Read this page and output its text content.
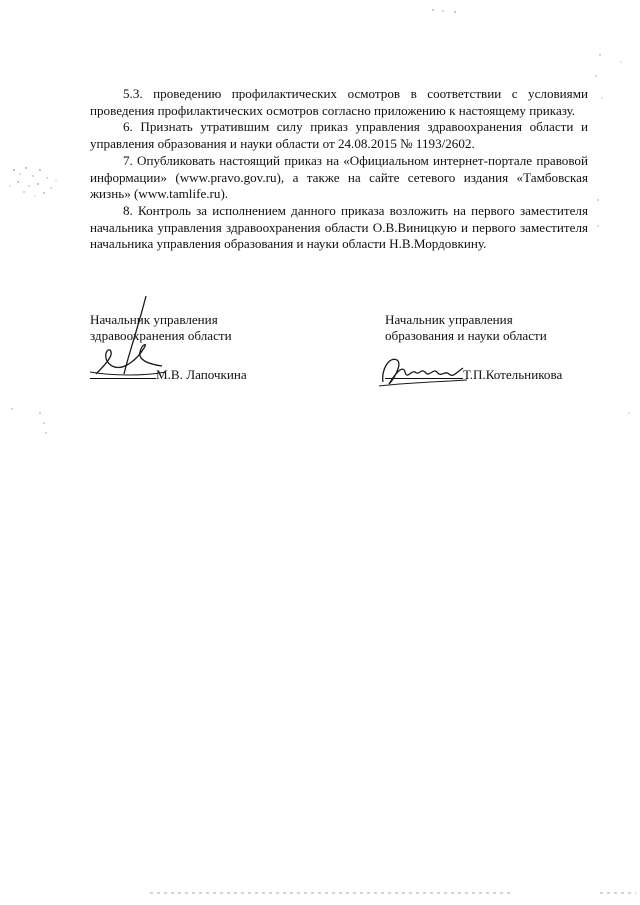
5.3. проведению профилактических осмотров в соответствии с условиями проведения профилактических осмотров согласно приложению к настоящему приказу.

6. Признать утратившим силу приказ управления здравоохранения области и управления образования и науки области от 24.08.2015 № 1193/2602.

7. Опубликовать настоящий приказ на «Официальном интернет-портале правовой информации» (www.pravo.gov.ru), а также на сайте сетевого издания «Тамбовская жизнь» (www.tamlife.ru).

8. Контроль за исполнением данного приказа возложить на первого заместителя начальника управления здравоохранения области О.В.Виницкую и первого заместителя начальника управления образования и науки области Н.В.Мордовкину.

Начальник управления
здравоохранения области
М.В. Лапочкина
Начальник управления
образования и науки области
Т.П.Котельникова
